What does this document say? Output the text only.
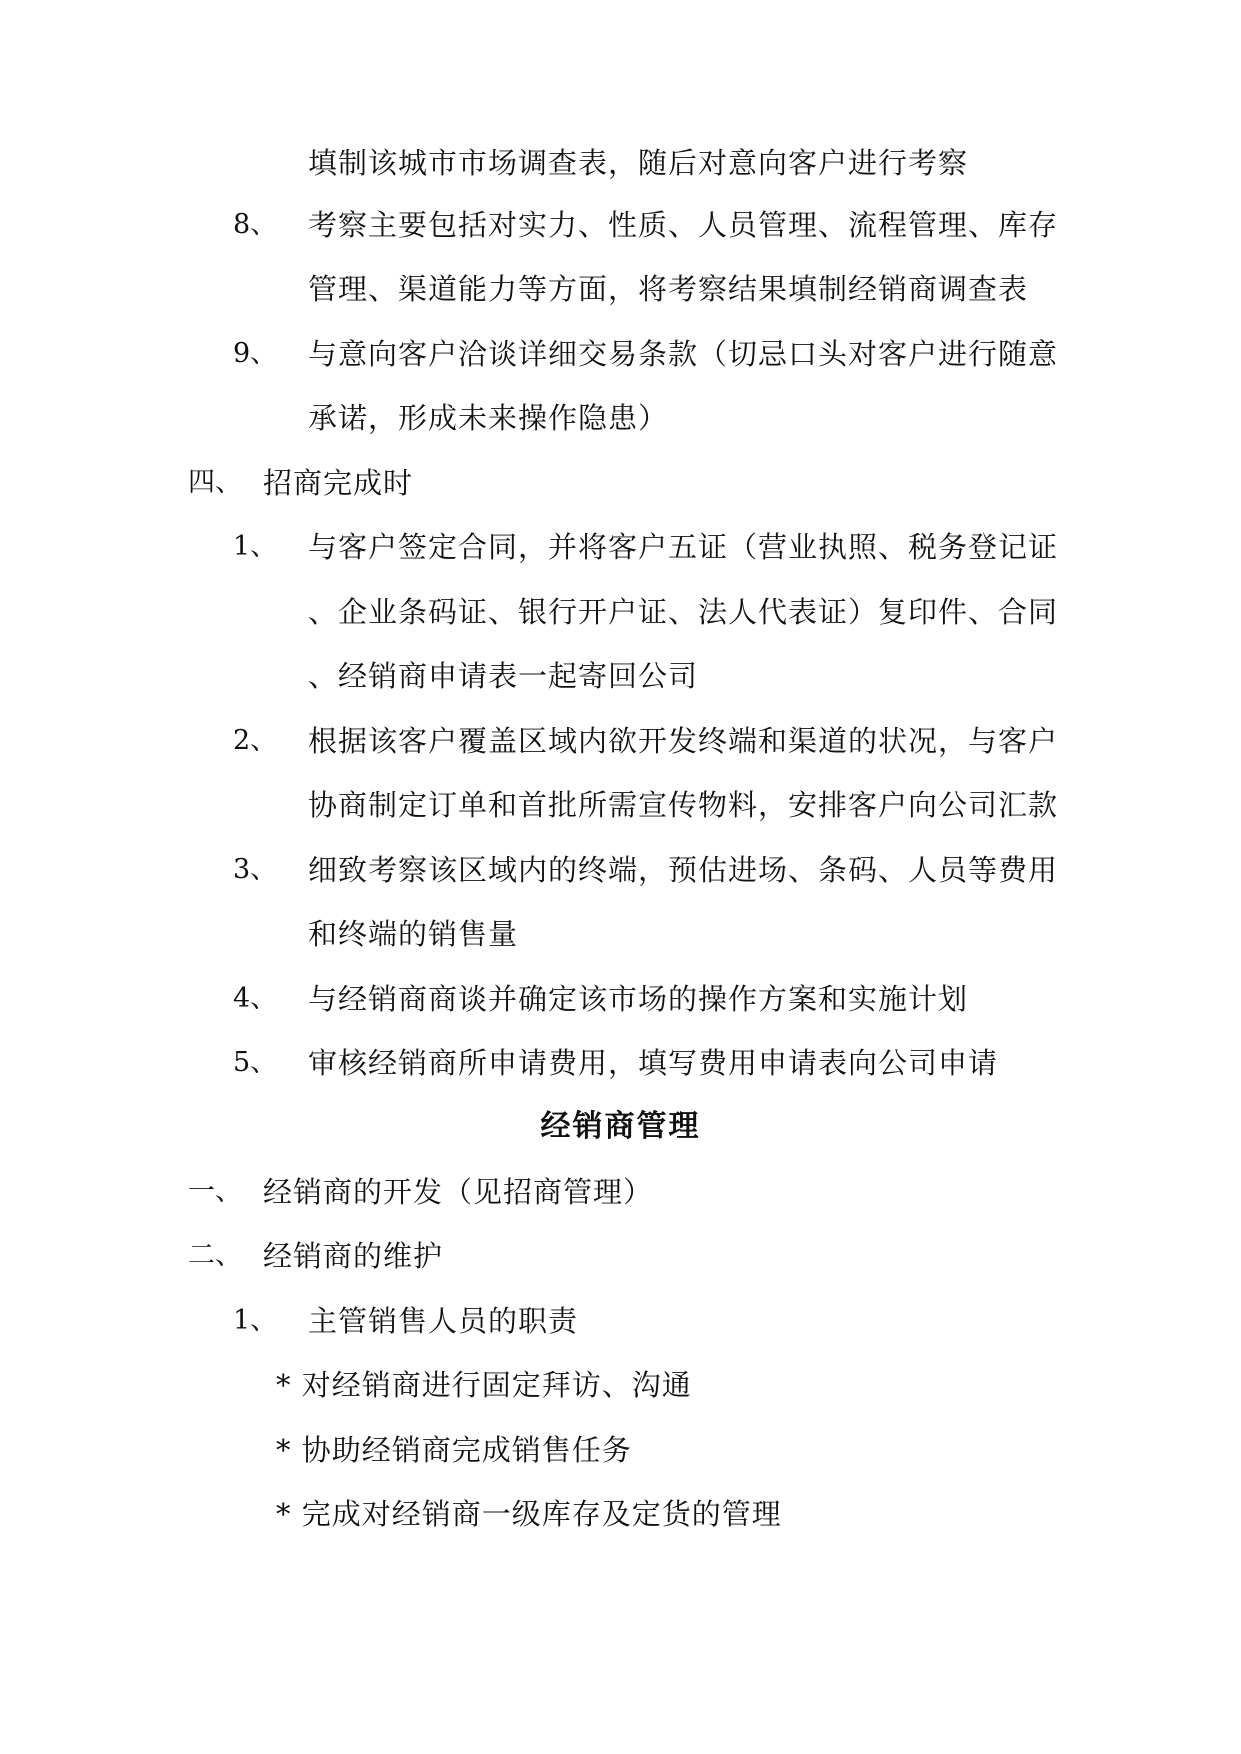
填制该城市市场调查表，随后对意向客户进行考察
8、 考察主要包括对实力、性质、人员管理、流程管理、库存
管理、渠道能力等方面，将考察结果填制经销商调查表
9、 与意向客户洽谈详细交易条款（切忌口头对客户进行随意
承诺，形成未来操作隐患）
四、 招商完成时
1、 与客户签定合同，并将客户五证（营业执照、税务登记证
、企业条码证、银行开户证、法人代表证）复印件、合同
、经销商申请表一起寄回公司
2、 根据该客户覆盖区域内欲开发终端和渠道的状况，与客户
协商制定订单和首批所需宣传物料，安排客户向公司汇款
3、 细致考察该区域内的终端，预估进场、条码、人员等费用
和终端的销售量
4、 与经销商商谈并确定该市场的操作方案和实施计划
5、 审核经销商所申请费用，填写费用申请表向公司申请
经销商管理
一、 经销商的开发（见招商管理）
二、 经销商的维护
1、 主管销售人员的职责
* 对经销商进行固定拜访、沟通
* 协助经销商完成销售任务
* 完成对经销商一级库存及定货的管理
